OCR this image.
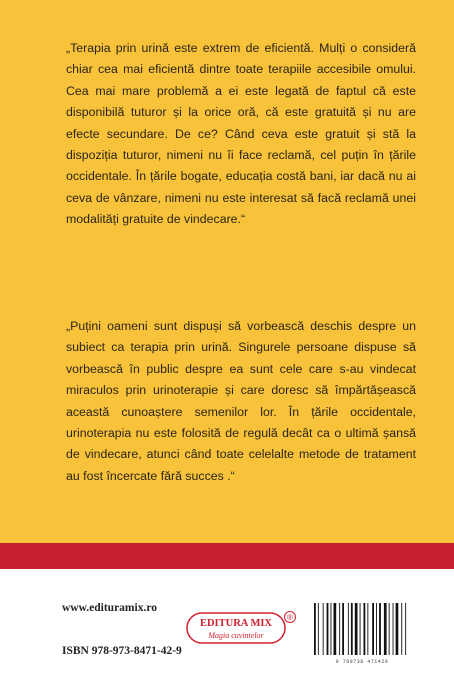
„Terapia prin urină este extrem de eficientă. Mulți o consideră chiar cea mai eficientă dintre toate terapiile accesibile omului. Cea mai mare problemă a ei este legată de faptul că este disponibilă tuturor și la orice oră, că este gratuită și nu are efecte secundare. De ce? Când ceva este gratuit și stă la dispoziția tuturor, nimeni nu îi face reclamă, cel puțin în țările occidentale. În țările bogate, educația costă bani, iar dacă nu ai ceva de vânzare, nimeni nu este interesat să facă reclamă unei modalități gratuite de vindecare.“

„Puțini oameni sunt dispuși să vorbească deschis despre un subiect ca terapia prin urină. Singurele persoane dispuse să vorbească în public despre ea sunt cele care s-au vindecat miraculos prin urinoterapie și care doresc să împărtășească această cunoaștere semenilor lor. În țările occidentale, urinoterapia nu este folosită de regulă decât ca o ultimă șansă de vindecare, atunci când toate celelalte metode de tratament au fost încercate fără succes .“

www.edituramix.ro
ISBN 978-973-8471-42-9
EDITURA MIX
Magia cuvintelor
®
9 789738 471429
